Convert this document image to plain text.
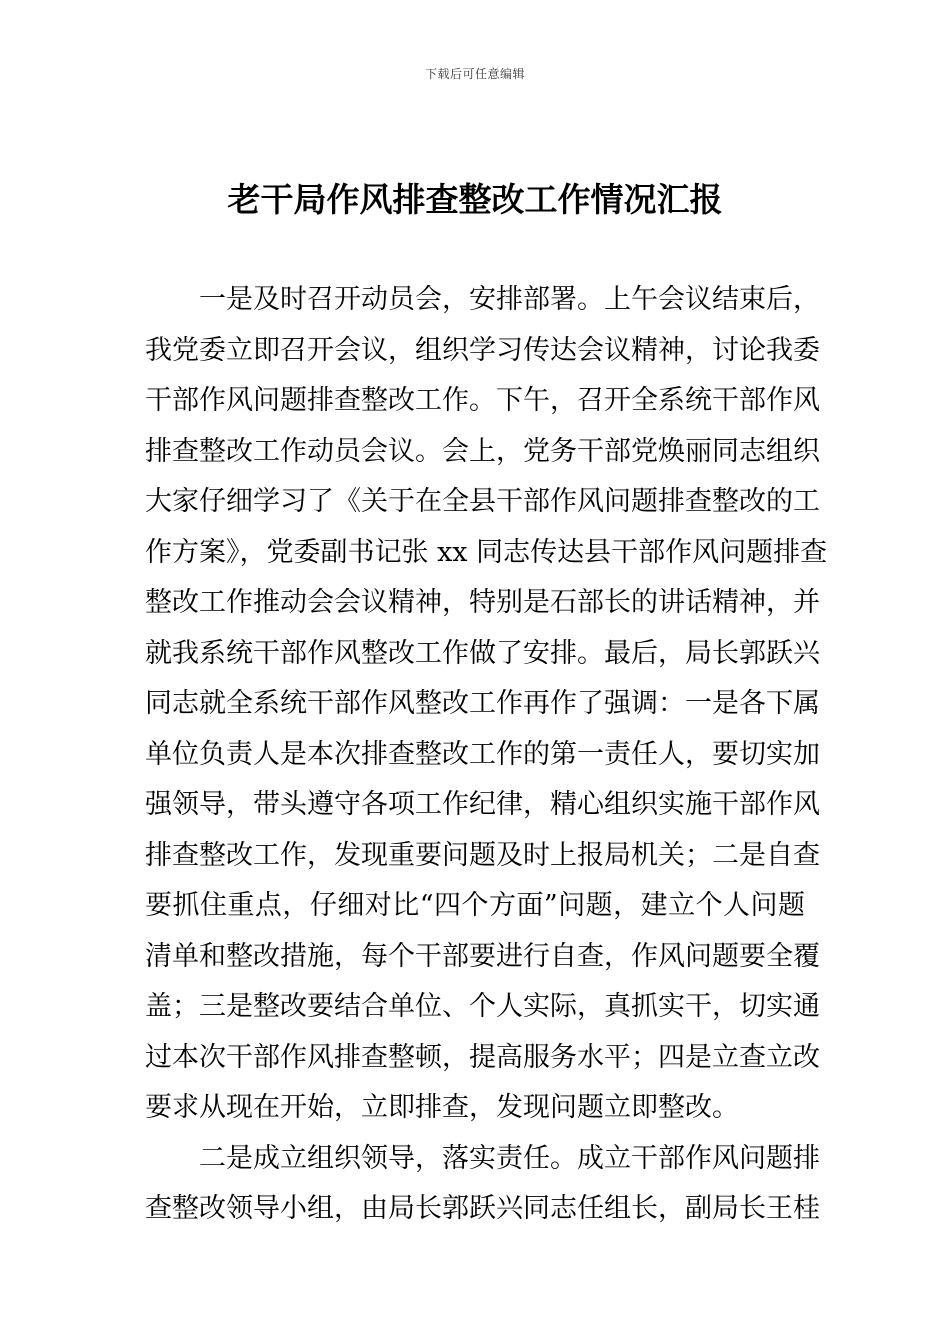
下载后可任意编辑
老干局作风排查整改工作情况汇报
一是及时召开动员会，安排部署。上午会议结束后，
我党委立即召开会议，组织学习传达会议精神，讨论我委
干部作风问题排查整改工作。下午，召开全系统干部作风
排查整改工作动员会议。会上，党务干部党焕丽同志组织
大家仔细学习了《关于在全县干部作风问题排查整改的工
作方案》，党委副书记张 xx 同志传达县干部作风问题排查
整改工作推动会会议精神，特别是石部长的讲话精神，并
就我系统干部作风整改工作做了安排。最后，局长郭跃兴
同志就全系统干部作风整改工作再作了强调：一是各下属
单位负责人是本次排查整改工作的第一责任人，要切实加
强领导，带头遵守各项工作纪律，精心组织实施干部作风
排查整改工作，发现重要问题及时上报局机关；二是自查
要抓住重点，仔细对比“四个方面”问题，建立个人问题
清单和整改措施，每个干部要进行自查，作风问题要全覆
盖；三是整改要结合单位、个人实际，真抓实干，切实通
过本次干部作风排查整顿，提高服务水平；四是立查立改
要求从现在开始，立即排查，发现问题立即整改。
二是成立组织领导，落实责任。成立干部作风问题排
查整改领导小组，由局长郭跃兴同志任组长，副局长王桂
